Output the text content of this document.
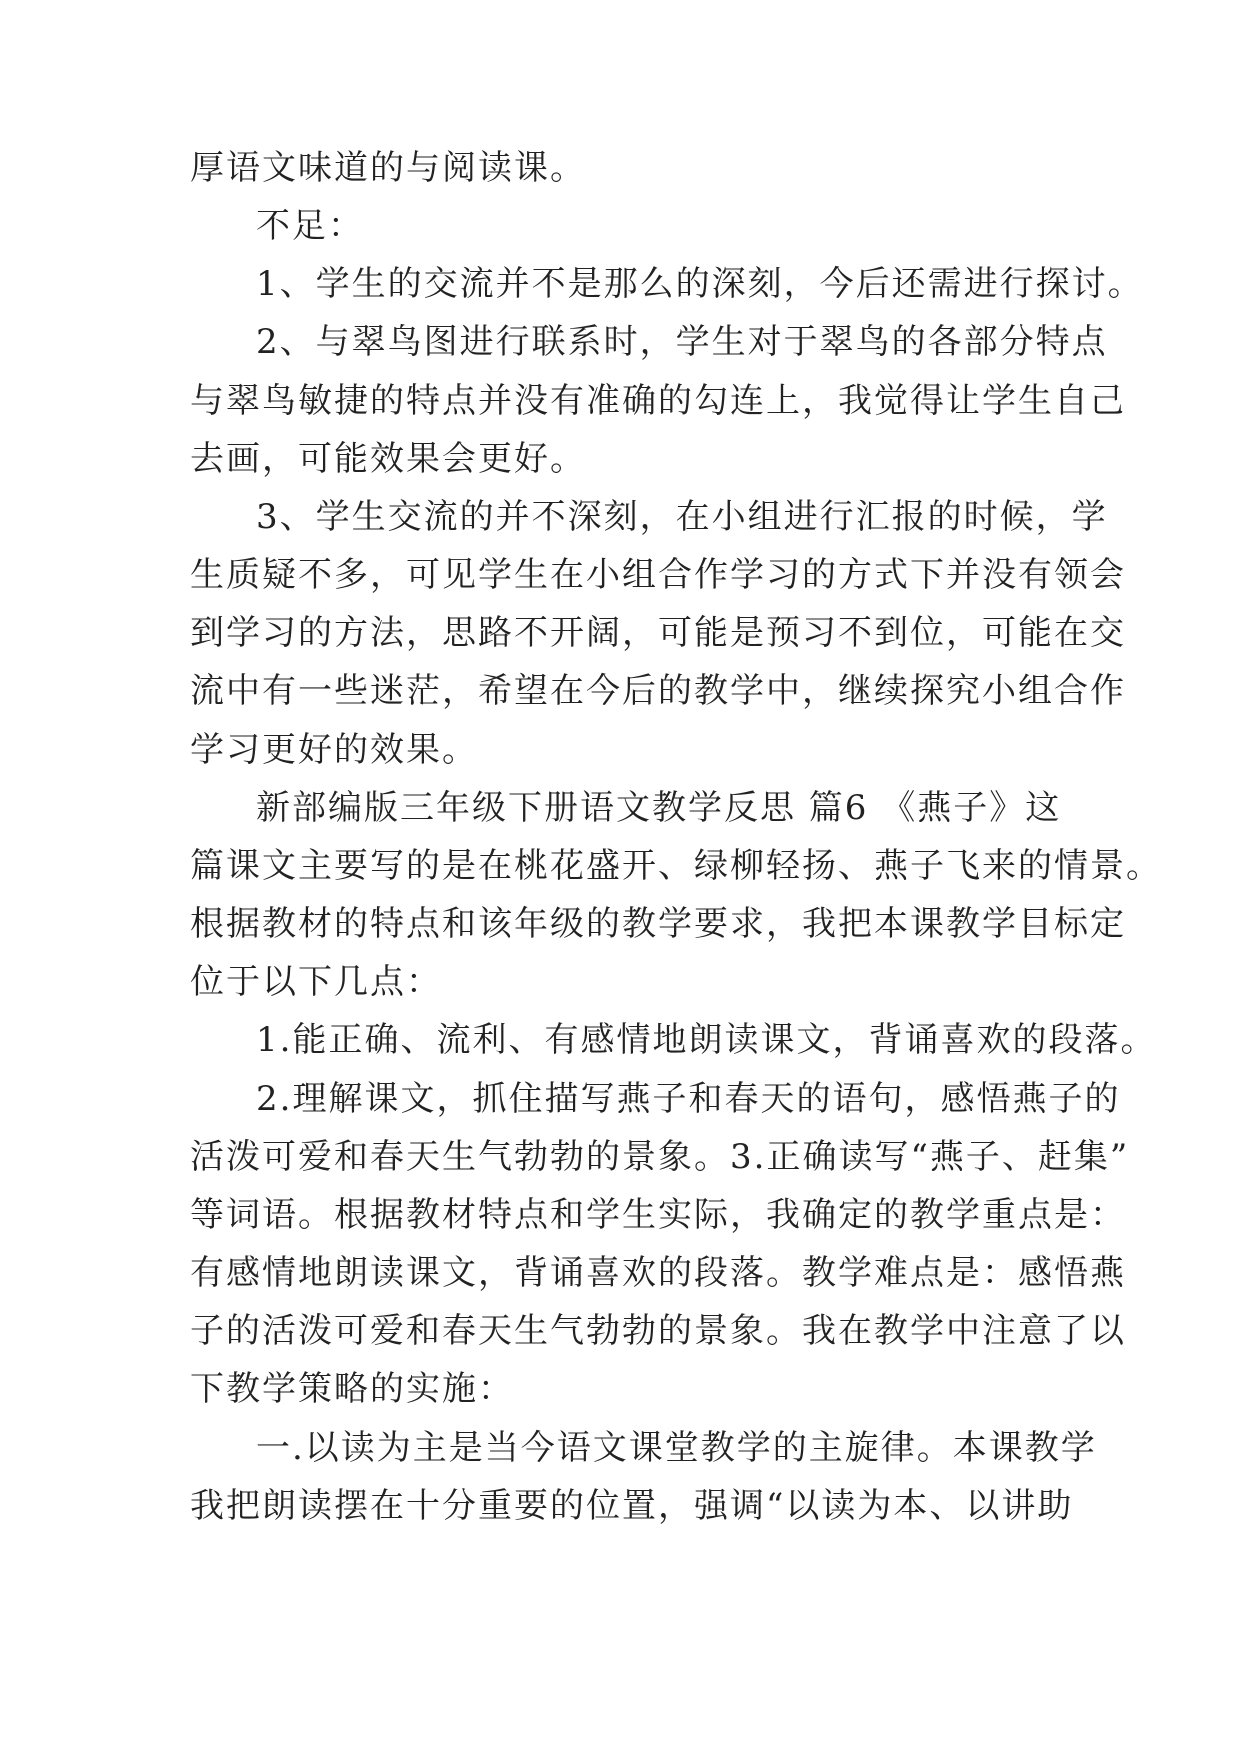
厚语文味道的与阅读课。
不足：
1、学生的交流并不是那么的深刻，今后还需进行探讨。
2、与翠鸟图进行联系时，学生对于翠鸟的各部分特点
与翠鸟敏捷的特点并没有准确的勾连上，我觉得让学生自己
去画，可能效果会更好。
3、学生交流的并不深刻，在小组进行汇报的时候，学
生质疑不多，可见学生在小组合作学习的方式下并没有领会
到学习的方法，思路不开阔，可能是预习不到位，可能在交
流中有一些迷茫，希望在今后的教学中，继续探究小组合作
学习更好的效果。
新部编版三年级下册语文教学反思 篇6 《燕子》这
篇课文主要写的是在桃花盛开、绿柳轻扬、燕子飞来的情景。
根据教材的特点和该年级的教学要求，我把本课教学目标定
位于以下几点：
1.能正确、流利、有感情地朗读课文，背诵喜欢的段落。
2.理解课文，抓住描写燕子和春天的语句，感悟燕子的
活泼可爱和春天生气勃勃的景象。3.正确读写“燕子、赶集”
等词语。根据教材特点和学生实际，我确定的教学重点是：
有感情地朗读课文，背诵喜欢的段落。教学难点是：感悟燕
子的活泼可爱和春天生气勃勃的景象。我在教学中注意了以
下教学策略的实施：
一.以读为主是当今语文课堂教学的主旋律。本课教学
我把朗读摆在十分重要的位置，强调“以读为本、以讲助
